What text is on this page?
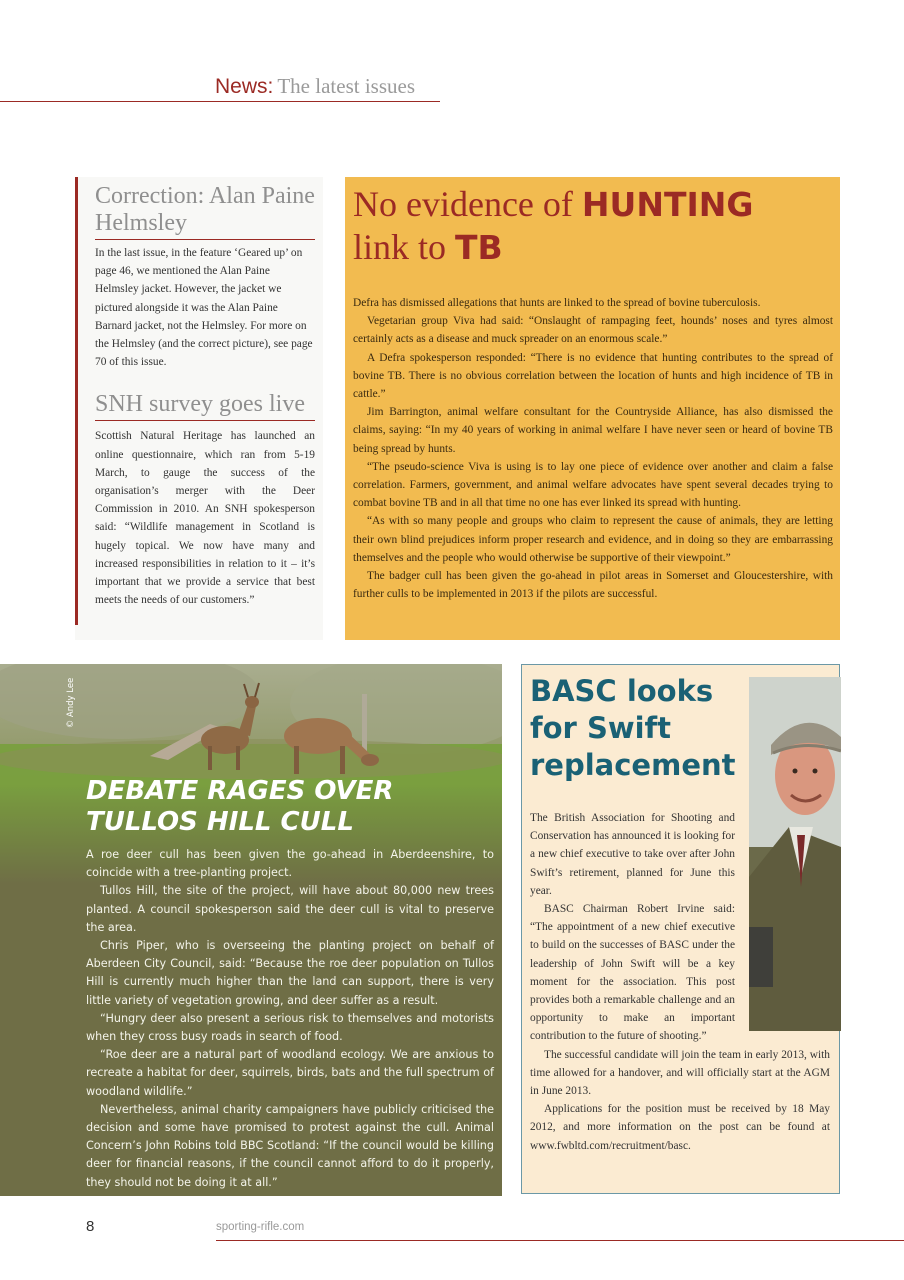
News: The latest issues
Correction: Alan Paine Helmsley

In the last issue, in the feature ‘Geared up’ on page 46, we mentioned the Alan Paine Helmsley jacket. However, the jacket we pictured alongside it was the Alan Paine Barnard jacket, not the Helmsley. For more on the Helmsley (and the correct picture), see page 70 of this issue.

SNH survey goes live

Scottish Natural Heritage has launched an online questionnaire, which ran from 5-19 March, to gauge the success of the organisation’s merger with the Deer Commission in 2010. An SNH spokesperson said: “Wildlife management in Scotland is hugely topical. We now have many and increased responsibilities in relation to it – it’s important that we provide a service that best meets the needs of our customers.”

No evidence of HUNTING
link to TB

Defra has dismissed allegations that hunts are linked to the spread of bovine tuberculosis.

Vegetarian group Viva had said: “Onslaught of rampaging feet, hounds’ noses and tyres almost certainly acts as a disease and muck spreader on an enormous scale.”

A Defra spokesperson responded: “There is no evidence that hunting contributes to the spread of bovine TB. There is no obvious correlation between the location of hunts and high incidence of TB in cattle.”

Jim Barrington, animal welfare consultant for the Countryside Alliance, has also dismissed the claims, saying: “In my 40 years of working in animal welfare I have never seen or heard of bovine TB being spread by hunts.

“The pseudo-science Viva is using is to lay one piece of evidence over another and claim a false correlation. Farmers, government, and animal welfare advocates have spent several decades trying to combat bovine TB and in all that time no one has ever linked its spread with hunting.

“As with so many people and groups who claim to represent the cause of animals, they are letting their own blind prejudices inform proper research and evidence, and in doing so they are embarrassing themselves and the people who would otherwise be supportive of their viewpoint.”

The badger cull has been given the go-ahead in pilot areas in Somerset and Gloucestershire, with further culls to be implemented in 2013 if the pilots are successful.

DEBATE RAGES OVER
TULLOS HILL CULL

A roe deer cull has been given the go-ahead in Aberdeenshire, to coincide with a tree-planting project.

Tullos Hill, the site of the project, will have about 80,000 new trees planted. A council spokesperson said the deer cull is vital to preserve the area.

Chris Piper, who is overseeing the planting project on behalf of Aberdeen City Council, said: “Because the roe deer population on Tullos Hill is currently much higher than the land can support, there is very little variety of vegetation growing, and deer suffer as a result.

“Hungry deer also present a serious risk to themselves and motorists when they cross busy roads in search of food.

“Roe deer are a natural part of woodland ecology. We are anxious to recreate a habitat for deer, squirrels, birds, bats and the full spectrum of woodland wildlife.”

Nevertheless, animal charity campaigners have publicly criticised the decision and some have promised to protest against the cull. Animal Concern’s John Robins told BBC Scotland: “If the council would be killing deer for financial reasons, if the council cannot afford to do it properly, they should not be doing it at all.”

© Andy Lee	BASC looks
for Swift
replacement

The British Association for Shooting and Conservation has announced it is looking for a new chief executive to take over after John Swift’s retirement, planned for June this year.

BASC Chairman Robert Irvine said: “The appointment of a new chief executive to build on the successes of BASC under the leadership of John Swift will be a key moment for the association. This post provides both a remarkable challenge and an opportunity to make an important contribution to the future of shooting.”

The successful candidate will join the team in early 2013, with time allowed for a handover, and will officially start at the AGM in June 2013.

Applications for the position must be received by 18 May 2012, and more information on the post can be found at www.fwbltd.com/recruitment/basc.

8	sporting-rifle.com
